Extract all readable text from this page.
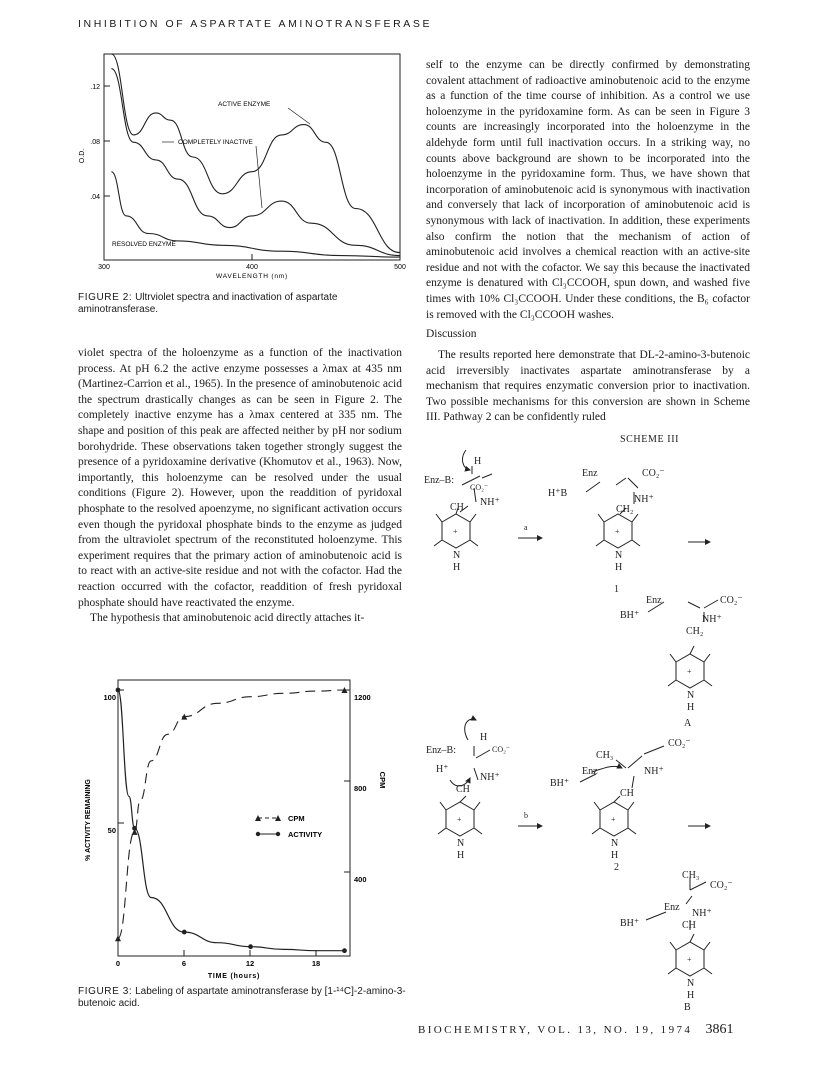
INHIBITION OF ASPARTATE AMINOTRANSFERASE
.12
.08
.04
O.D.
300	400	500
WAVELENGTH (nm)
ACTIVE ENZYME
COMPLETELY INACTIVE
RESOLVED ENZYME
FIGURE 2: Ultrviolet spectra and inactivation of aspartate aminotransferase.

violet spectra of the holoenzyme as a function of the inactivation process. At pH 6.2 the active enzyme possesses a λmax at 435 nm (Martinez-Carrion et al., 1965). In the presence of aminobutenoic acid the spectrum drastically changes as can be seen in Figure 2. The completely inactive enzyme has a λmax centered at 335 nm. The shape and position of this peak are affected neither by pH nor sodium borohydride. These observations taken together strongly suggest the presence of a pyridoxamine derivative (Khomutov et al., 1963). Now, importantly, this holoenzyme can be resolved under the usual conditions (Figure 2). However, upon the readdition of pyridoxal phosphate to the resolved apoenzyme, no significant activation occurs even though the pyridoxal phosphate binds to the enzyme as judged from the ultraviolet spectrum of the reconstituted holoenzyme. This experiment requires that the primary action of aminobutenoic acid is to react with an active-site residue and not with the cofactor. Had the reaction occurred with the cofactor, readdition of fresh pyridoxal phosphate should have reactivated the enzyme.

The hypothesis that aminobutenoic acid directly attaches it-

100
50
1200
800
400
0	6	12	18
TIME (hours)
% ACTIVITY REMAINING	CPM
CPM
ACTIVITY
FIGURE 3: Labeling of aspartate aminotransferase by [1-¹⁴C]-2-amino-3-butenoic acid.

self to the enzyme can be directly confirmed by demonstrating covalent attachment of radioactive aminobutenoic acid to the enzyme as a function of the time course of inhibition. As a control we use holoenzyme in the pyridoxamine form. As can be seen in Figure 3 counts are increasingly incorporated into the holoenzyme in the aldehyde form until full inactivation occurs. In a striking way, no counts above background are shown to be incorporated into the holoenzyme in the pyridoxamine form. Thus, we have shown that incorporation of aminobutenoic acid is synonymous with inactivation and conversely that lack of incorporation of aminobutenoic acid is synonymous with lack of inactivation. In addition, these experiments also confirm the notion that the mechanism of action of aminobutenoic acid involves a chemical reaction with an active-site residue and not with the cofactor. We say this because the inactivated enzyme is denatured with Cl₃CCOOH, spun down, and washed five times with 10% Cl₃CCOOH. Under these conditions, the B₆ cofactor is removed with the Cl₃CCOOH washes.

Discussion

The results reported here demonstrate that DL-2-amino-3-butenoic acid irreversibly inactivates aspartate aminotransferase by a mechanism that requires enzymatic conversion prior to inactivation. Two possible mechanisms for this conversion are shown in Scheme III. Pathway 2 can be confidently ruled

SCHEME III
Enz–B:
H
CO₂⁻
NH⁺
CH
+
N
H
a
Enz	CO₂⁻
H⁺B
NH⁺
CH₂
+
N
H
1
Enz	CO₂⁻
BH⁺	NH⁺
CH₂
+
N
H
A
Enz–B:
H
CO₂⁻
H⁺
NH⁺
CH
+
N
H
b
CH₃
Enz
CO₂⁻
BH⁺
NH⁺
CH
+
N
H
2
CH₃
CO₂⁻
Enz
BH⁺
NH⁺
CH
+
N
H
B
BIOCHEMISTRY, VOL. 13, NO. 19, 1974 3861
